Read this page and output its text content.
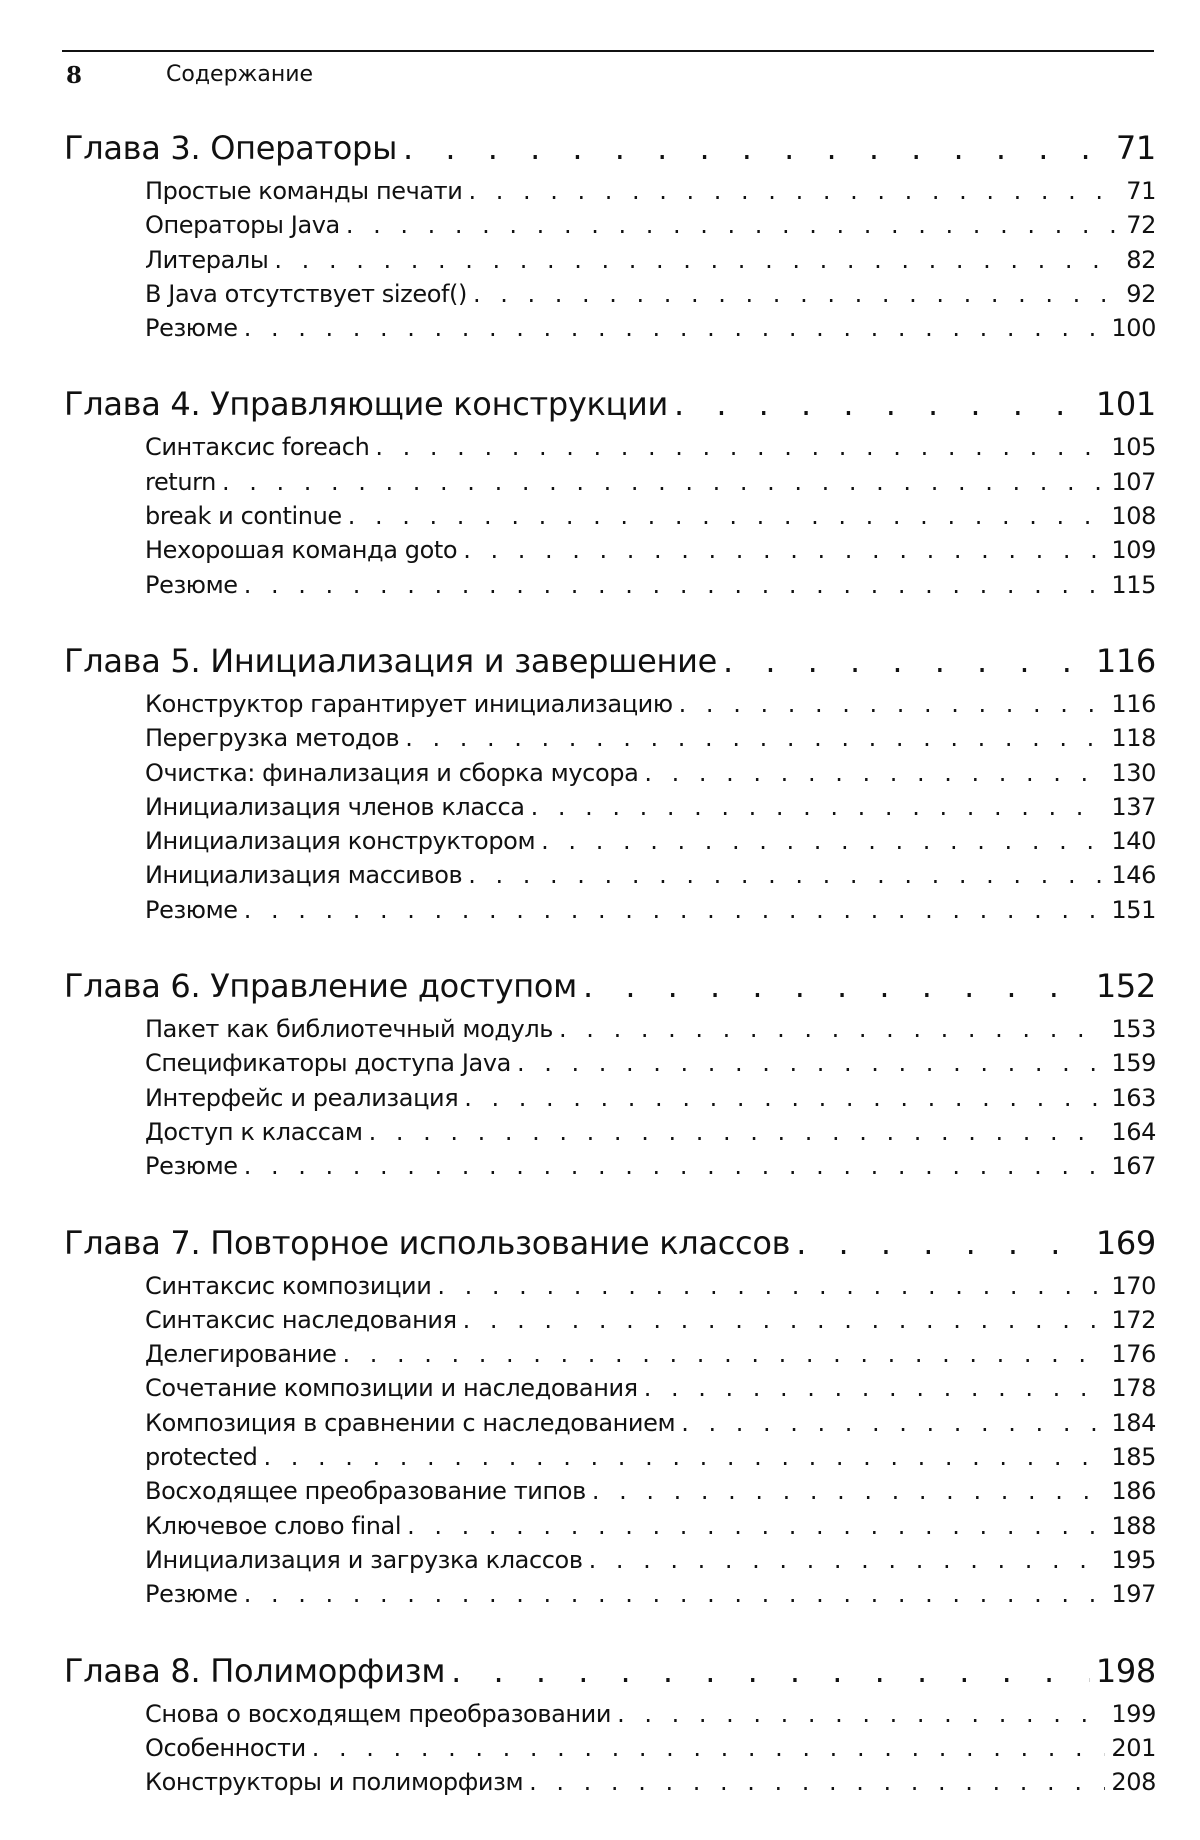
8	Содержание
Глава 3. Операторы . . .	71
Простые команды печати . . .	71
Операторы Java . . .	72
Литералы . . .	82
В Java отсутствует sizeof() . . .	92
Резюме . . .	100
Глава 4. Управляющие конструкции . . .	101
Синтаксис foreach . . .	105
return . . .	107
break и continue . . .	108
Нехорошая команда goto . . .	109
Резюме . . .	115
Глава 5. Инициализация и завершение . . .	116
Конструктор гарантирует инициализацию . . .	116
Перегрузка методов . . .	118
Очистка: финализация и сборка мусора . . .	130
Инициализация членов класса . . .	137
Инициализация конструктором . . .	140
Инициализация массивов . . .	146
Резюме . . .	151
Глава 6. Управление доступом . . .	152
Пакет как библиотечный модуль . . .	153
Спецификаторы доступа Java . . .	159
Интерфейс и реализация . . .	163
Доступ к классам . . .	164
Резюме . . .	167
Глава 7. Повторное использование классов . . .	169
Синтаксис композиции . . .	170
Синтаксис наследования . . .	172
Делегирование . . .	176
Сочетание композиции и наследования . . .	178
Композиция в сравнении с наследованием . . .	184
protected . . .	185
Восходящее преобразование типов . . .	186
Ключевое слово final . . .	188
Инициализация и загрузка классов . . .	195
Резюме . . .	197
Глава 8. Полиморфизм . . .	198
Снова о восходящем преобразовании . . .	199
Особенности . . .	201
Конструкторы и полиморфизм . . .	208
